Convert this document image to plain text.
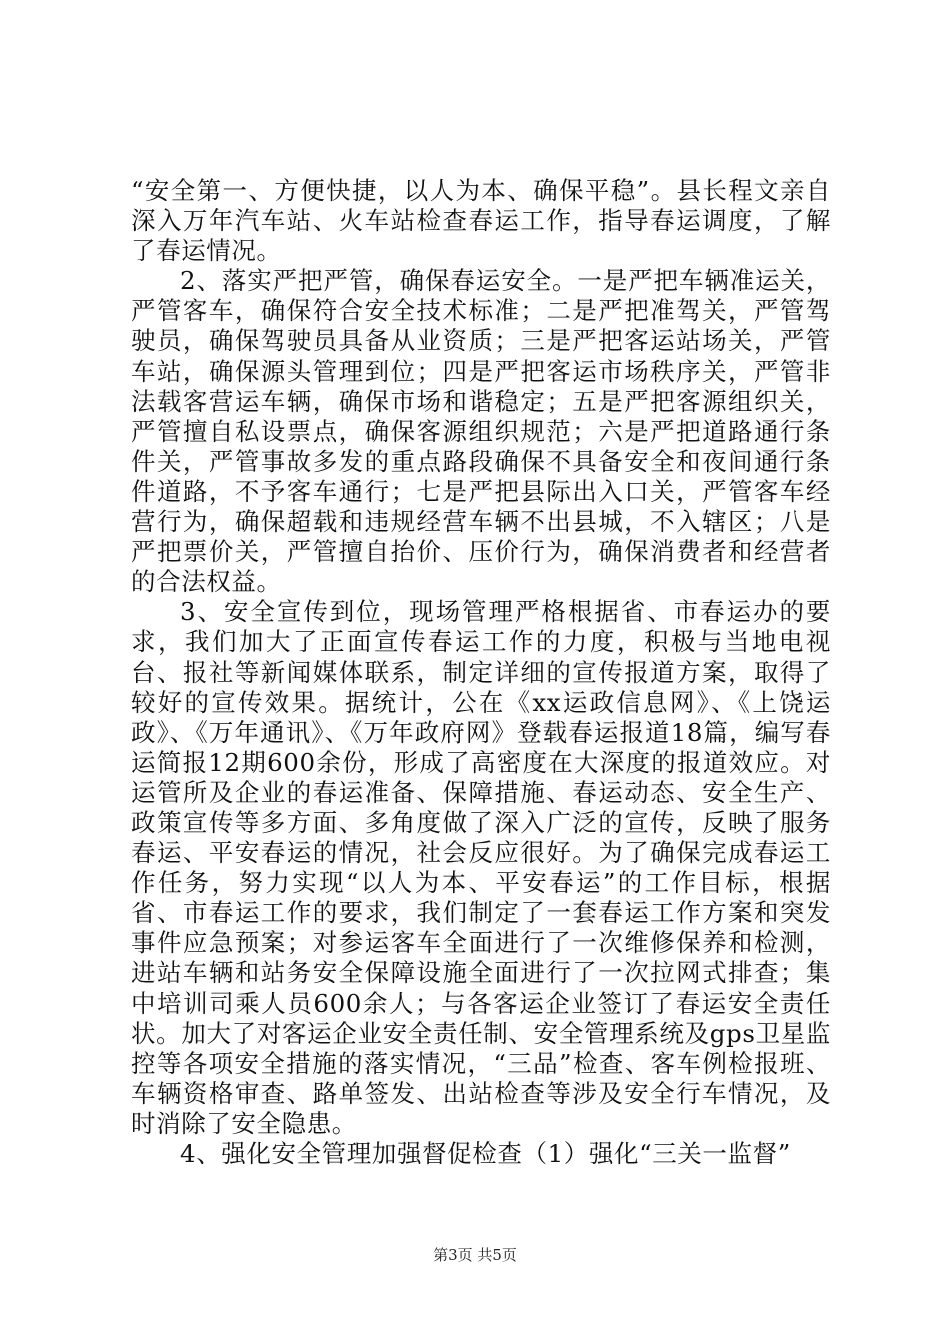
“安全第一、方便快捷，以人为本、确保平稳”。县长程文亲自深入万年汽车站、火车站检查春运工作，指导春运调度，了解了春运情况。

2、落实严把严管，确保春运安全。一是严把车辆准运关，严管客车，确保符合安全技术标准；二是严把准驾关，严管驾驶员，确保驾驶员具备从业资质；三是严把客运站场关，严管车站，确保源头管理到位；四是严把客运市场秩序关，严管非法载客营运车辆，确保市场和谐稳定；五是严把客源组织关，严管擅自私设票点，确保客源组织规范；六是严把道路通行条件关，严管事故多发的重点路段确保不具备安全和夜间通行条件道路，不予客车通行；七是严把县际出入口关，严管客车经营行为，确保超载和违规经营车辆不出县城，不入辖区；八是严把票价关，严管擅自抬价、压价行为，确保消费者和经营者的合法权益。

3、安全宣传到位，现场管理严格根据省、市春运办的要求，我们加大了正面宣传春运工作的力度，积极与当地电视台、报社等新闻媒体联系，制定详细的宣传报道方案，取得了较好的宣传效果。据统计，公在《xx运政信息网》、《上饶运政》、《万年通讯》、《万年政府网》登载春运报道18篇，编写春运简报12期600余份，形成了高密度在大深度的报道效应。对运管所及企业的春运准备、保障措施、春运动态、安全生产、政策宣传等多方面、多角度做了深入广泛的宣传，反映了服务春运、平安春运的情况，社会反应很好。为了确保完成春运工作任务，努力实现“以人为本、平安春运”的工作目标，根据省、市春运工作的要求，我们制定了一套春运工作方案和突发事件应急预案；对参运客车全面进行了一次维修保养和检测，进站车辆和站务安全保障设施全面进行了一次拉网式排查；集中培训司乘人员600余人；与各客运企业签订了春运安全责任状。加大了对客运企业安全责任制、安全管理系统及gps卫星监控等各项安全措施的落实情况，“三品”检查、客车例检报班、车辆资格审查、路单签发、出站检查等涉及安全行车情况，及时消除了安全隐患。

4、强化安全管理加强督促检查（1）强化“三关一监督”

第3页 共5页
